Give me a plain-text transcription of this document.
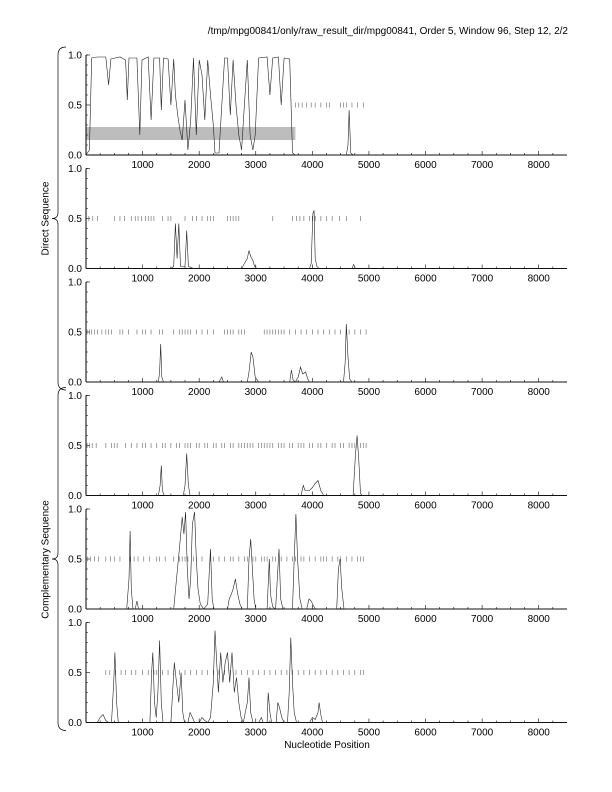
/tmp/mpg00841/only/raw_result_dir/mpg00841, Order 5, Window 96, Step 12, 2/2
1000	2000	3000	4000	5000	6000	7000	8000
0.0
0.5
1.0
1000	2000	3000	4000	5000	6000	7000	8000
0.0
0.5
1.0
1000	2000	3000	4000	5000	6000	7000	8000
0.0
0.5
1.0
1000	2000	3000	4000	5000	6000	7000	8000
0.0
0.5
1.0
1000	2000	3000	4000	5000	6000	7000	8000
0.0
0.5
1.0
1000	2000	3000	4000	5000	6000	7000	8000
0.0
0.5
1.0
Nucleotide Position
Direct Sequence
Complementary Sequence
